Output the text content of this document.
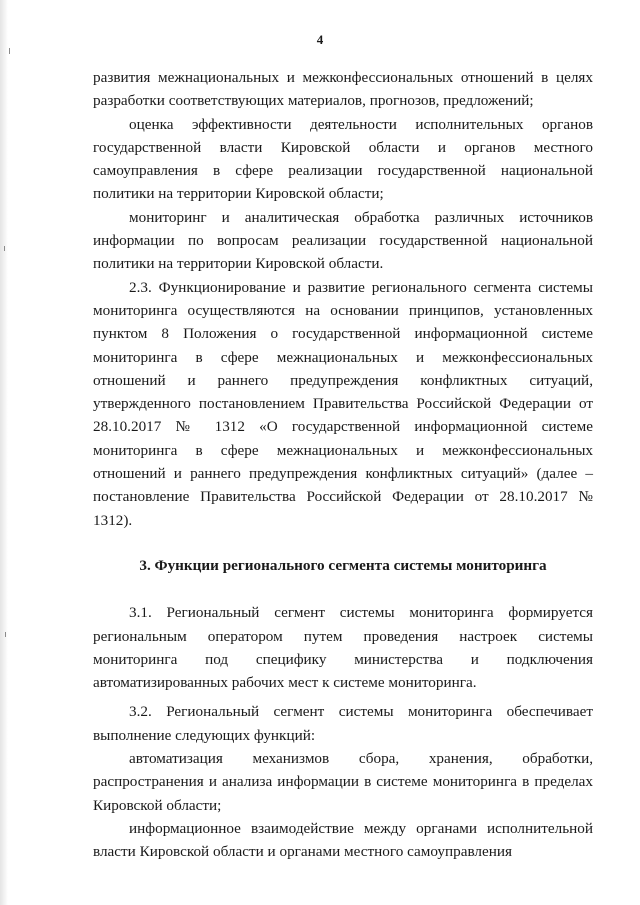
4

развития межнациональных и межконфессиональных отношений в целях разработки соответствующих материалов, прогнозов, предложений;

оценка эффективности деятельности исполнительных органов государственной власти Кировской области и органов местного самоуправления в сфере реализации государственной национальной политики на территории Кировской области;

мониторинг и аналитическая обработка различных источников информации по вопросам реализации государственной национальной политики на территории Кировской области.

2.3. Функционирование и развитие регионального сегмента системы мониторинга осуществляются на основании принципов, установленных пунктом 8 Положения о государственной информационной системе мониторинга в сфере межнациональных и межконфессиональных отношений и раннего предупреждения конфликтных ситуаций, утвержденного постановлением Правительства Российской Федерации от 28.10.2017 № 1312 «О государственной информационной системе мониторинга в сфере межнациональных и межконфессиональных отношений и раннего предупреждения конфликтных ситуаций» (далее – постановление Правительства Российской Федерации от 28.10.2017 № 1312).

3. Функции регионального сегмента системы мониторинга

3.1. Региональный сегмент системы мониторинга формируется региональным оператором путем проведения настроек системы мониторинга под специфику министерства и подключения автоматизированных рабочих мест к системе мониторинга.

3.2. Региональный сегмент системы мониторинга обеспечивает выполнение следующих функций:

автоматизация механизмов сбора, хранения, обработки, распространения и анализа информации в системе мониторинга в пределах Кировской области;

информационное взаимодействие между органами исполнительной власти Кировской области и органами местного самоуправления
